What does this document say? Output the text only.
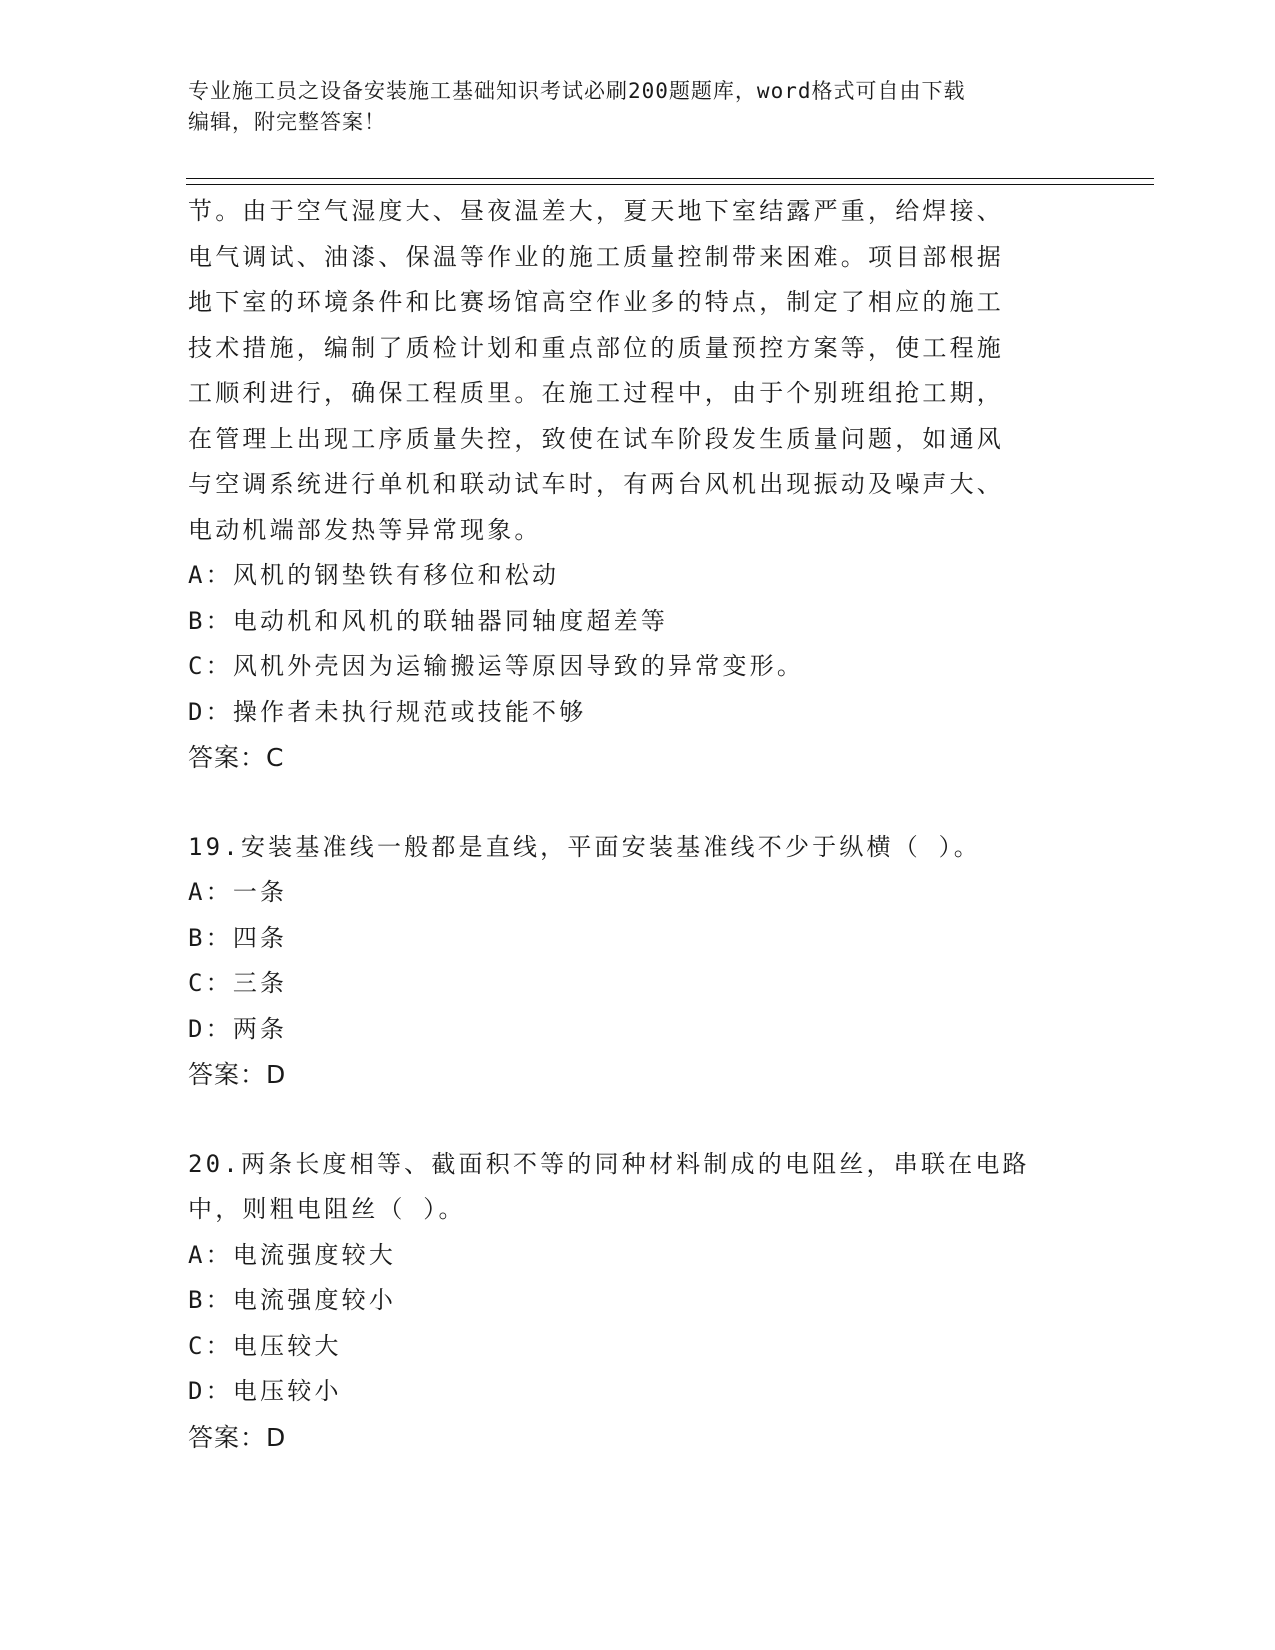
专业施工员之设备安装施工基础知识考试必刷200题题库，word格式可自由下载
编辑，附完整答案！
节。由于空气湿度大、昼夜温差大，夏天地下室结露严重，给焊接、
电气调试、油漆、保温等作业的施工质量控制带来困难。项目部根据
地下室的环境条件和比赛场馆高空作业多的特点，制定了相应的施工
技术措施，编制了质检计划和重点部位的质量预控方案等，使工程施
工顺利进行，确保工程质里。在施工过程中，由于个别班组抢工期，
在管理上出现工序质量失控，致使在试车阶段发生质量问题，如通风
与空调系统进行单机和联动试车时，有两台风机出现振动及噪声大、
电动机端部发热等异常现象。
A：风机的钢垫铁有移位和松动
B：电动机和风机的联轴器同轴度超差等
C：风机外壳因为运输搬运等原因导致的异常变形。
D：操作者未执行规范或技能不够
答案：C
19.安装基准线一般都是直线，平面安装基准线不少于纵横（ ）。
A：一条
B：四条
C：三条
D：两条
答案：D
20.两条长度相等、截面积不等的同种材料制成的电阻丝，串联在电路
中，则粗电阻丝（ ）。
A：电流强度较大
B：电流强度较小
C：电压较大
D：电压较小
答案：D
